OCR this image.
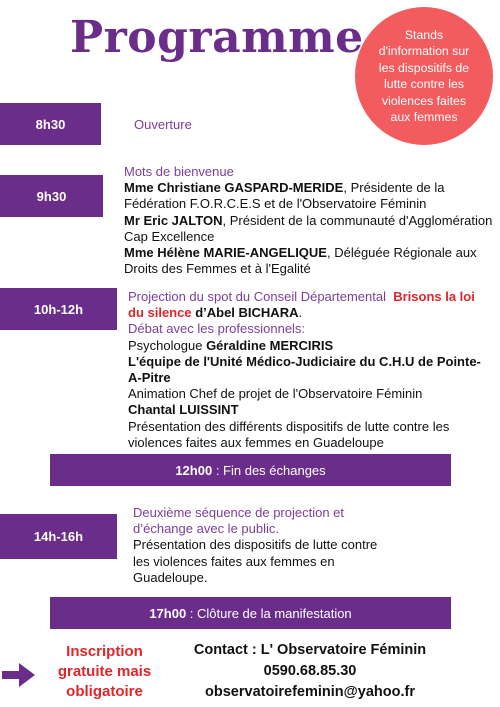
Programme	Stands
d'information sur
les dispositifs de
lutte contre les
violences faites
aux femmes
8h30	Ouverture
9h30
Mots de bienvenue
Mme Christiane GASPARD-MERIDE, Présidente de la Fédération F.O.R.C.E.S et de l'Observatoire Féminin
Mr Eric JALTON, Président de la communauté d'Agglomération Cap Excellence
Mme Hélène MARIE-ANGELIQUE, Déléguée Régionale aux Droits des Femmes et à l'Egalité
10h-12h
Projection du spot du Conseil Départemental Brisons la loi du silence d’Abel BICHARA.
Débat avec les professionnels:
Psychologue Géraldine MERCIRIS
L'équipe de l'Unité Médico-Judiciaire du C.H.U de Pointe-A-Pitre
Animation Chef de projet de l'Observatoire Féminin
Chantal LUISSINT
Présentation des différents dispositifs de lutte contre les violences faites aux femmes en Guadeloupe
12h00 : Fin des échanges
14h-16h
Deuxième séquence de projection et d’échange avec le public.
Présentation des dispositifs de lutte contre les violences faites aux femmes en Guadeloupe.
17h00 : Clôture de la manifestation
Inscription
gratuite mais
obligatoire
Contact : L' Observatoire Féminin
0590.68.85.30
observatoirefeminin@yahoo.fr
